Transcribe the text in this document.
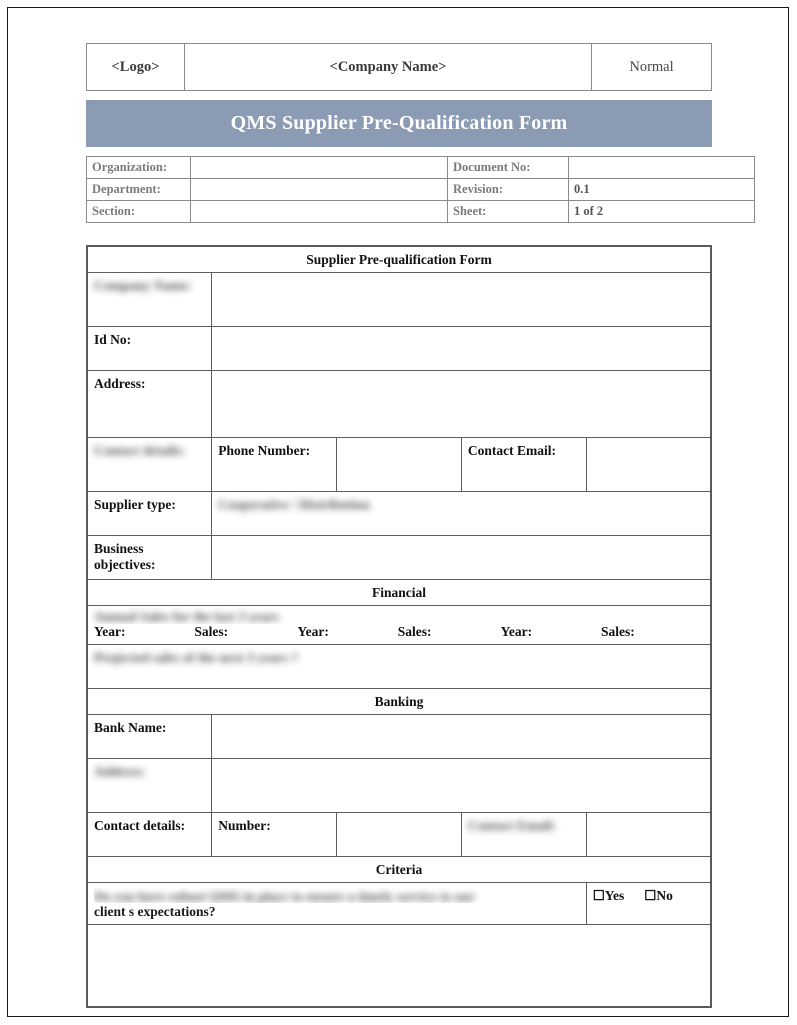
<Logo>	<Company Name>	Normal
QMS Supplier Pre-Qualification Form
Organization:		Document No:	
Department:		Revision:	0.1
Section:		Sheet:	1 of 2
Supplier Pre-qualification Form				
Company Name:				
Id No:				
Address:				
Contact details:	Phone Number:		Contact Email:	
Supplier type:	Cooperative / Distribution			
Business objectives:				
Financial				

Annual Sales for the last 3 years
Year:	Sales:	Year:	Sales:	Year:	Sales:

Projected sales of the next 3 years ?				
Banking				
Bank Name:				
Address:				
Contact details:	Number:		Contact Email:	
Criteria				

Do you have robust QMS in place to ensure a timely service to our
client s expectations?				☐Yes ☐No
